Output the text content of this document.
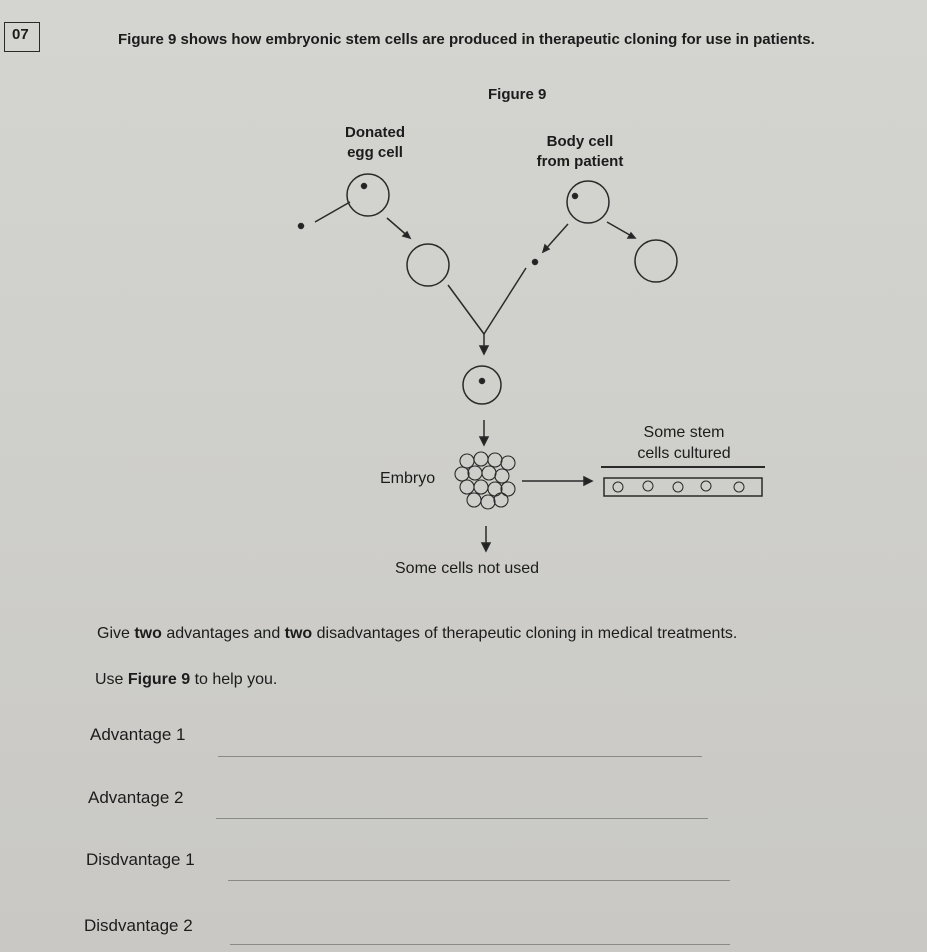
07	Figure 9 shows how embryonic stem cells are produced in therapeutic cloning for use in patients.
Figure 9
Donated
egg cell
Body cell
from patient
Embryo
Some stem
cells cultured
Some cells not used
Give two advantages and two disadvantages of therapeutic cloning in medical treatments.
Use Figure 9 to help you.
Advantage 1
Advantage 2
Disdvantage 1
Disdvantage 2
